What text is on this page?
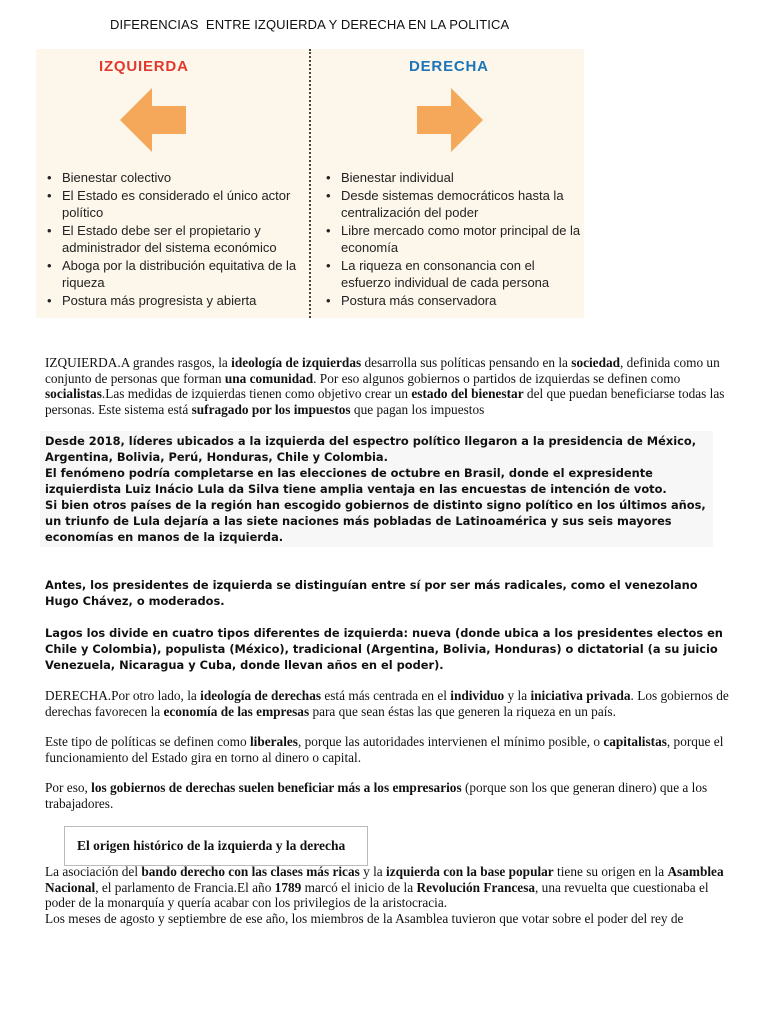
DIFERENCIAS  ENTRE IZQUIERDA Y DERECHA EN LA POLITICA
IZQUIERDA	DERECHA
• Bienestar colectivo
• El Estado es considerado el único actor político
• El Estado debe ser el propietario y administrador del sistema económico
• Aboga por la distribución equitativa de la riqueza
• Postura más progresista y abierta
• Bienestar individual
• Desde sistemas democráticos hasta la centralización del poder
• Libre mercado como motor principal de la economía
• La riqueza en consonancia con el esfuerzo individual de cada persona
• Postura más conservadora

IZQUIERDA.A grandes rasgos, la ideología de izquierdas desarrolla sus políticas pensando en la sociedad, definida como un conjunto de personas que forman una comunidad. Por eso algunos gobiernos o partidos de izquierdas se definen como socialistas.Las medidas de izquierdas tienen como objetivo crear un estado del bienestar del que puedan beneficiarse todas las personas. Este sistema está sufragado por los impuestos que pagan los impuestos

Desde 2018, líderes ubicados a la izquierda del espectro político llegaron a la presidencia de México, Argentina, Bolivia, Perú, Honduras, Chile y Colombia.
El fenómeno podría completarse en las elecciones de octubre en Brasil, donde el expresidente izquierdista Luiz Inácio Lula da Silva tiene amplia ventaja en las encuestas de intención de voto.
Si bien otros países de la región han escogido gobiernos de distinto signo político en los últimos años, un triunfo de Lula dejaría a las siete naciones más pobladas de Latinoamérica y sus seis mayores economías en manos de la izquierda.

Antes, los presidentes de izquierda se distinguían entre sí por ser más radicales, como el venezolano Hugo Chávez, o moderados.

Lagos los divide en cuatro tipos diferentes de izquierda: nueva (donde ubica a los presidentes electos en Chile y Colombia), populista (México), tradicional (Argentina, Bolivia, Honduras) o dictatorial (a su juicio Venezuela, Nicaragua y Cuba, donde llevan años en el poder).

DERECHA.Por otro lado, la ideología de derechas está más centrada en el individuo y la iniciativa privada. Los gobiernos de derechas favorecen la economía de las empresas para que sean éstas las que generen la riqueza en un país.

Este tipo de políticas se definen como liberales, porque las autoridades intervienen el mínimo posible, o capitalistas, porque el funcionamiento del Estado gira en torno al dinero o capital.

Por eso, los gobiernos de derechas suelen beneficiar más a los empresarios (porque son los que generan dinero) que a los trabajadores.

El origen histórico de la izquierda y la derecha

La asociación del bando derecho con las clases más ricas y la izquierda con la base popular tiene su origen en la Asamblea Nacional, el parlamento de Francia.El año 1789 marcó el inicio de la Revolución Francesa, una revuelta que cuestionaba el poder de la monarquía y quería acabar con los privilegios de la aristocracia.
Los meses de agosto y septiembre de ese año, los miembros de la Asamblea tuvieron que votar sobre el poder del rey de
